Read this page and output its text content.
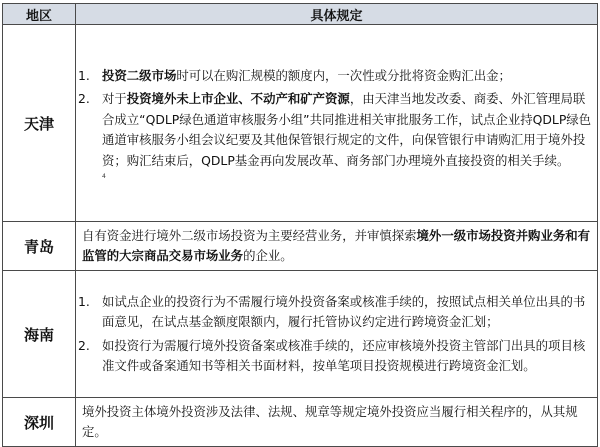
地区	具体规定
天津	1. 投资二级市场时可以在购汇规模的额度内，一次性或分批将资金购汇出金；
2. 对于投资境外未上市企业、不动产和矿产资源，由天津当地发改委、商委、外汇管理局联合成立“QDLP绿色通道审核服务小组”共同推进相关审批服务工作，试点企业持QDLP绿色通道审核服务小组会议纪要及其他保管银行规定的文件，向保管银行申请购汇用于境外投资；购汇结束后，QDLP基金再向发展改革、商务部门办理境外直接投资的相关手续。
4

青岛	自有资金进行境外二级市场投资为主要经营业务，并审慎探索境外一级市场投资并购业务和有监管的大宗商品交易市场业务的企业。
海南	1. 如试点企业的投资行为不需履行境外投资备案或核准手续的，按照试点相关单位出具的书面意见，在试点基金额度限额内，履行托管协议约定进行跨境资金汇划；
2. 如投资行为需履行境外投资备案或核准手续的，还应审核境外投资主管部门出具的项目核准文件或备案通知书等相关书面材料，按单笔项目投资规模进行跨境资金汇划。

深圳	境外投资主体境外投资涉及法律、法规、规章等规定境外投资应当履行相关程序的，从其规定。
